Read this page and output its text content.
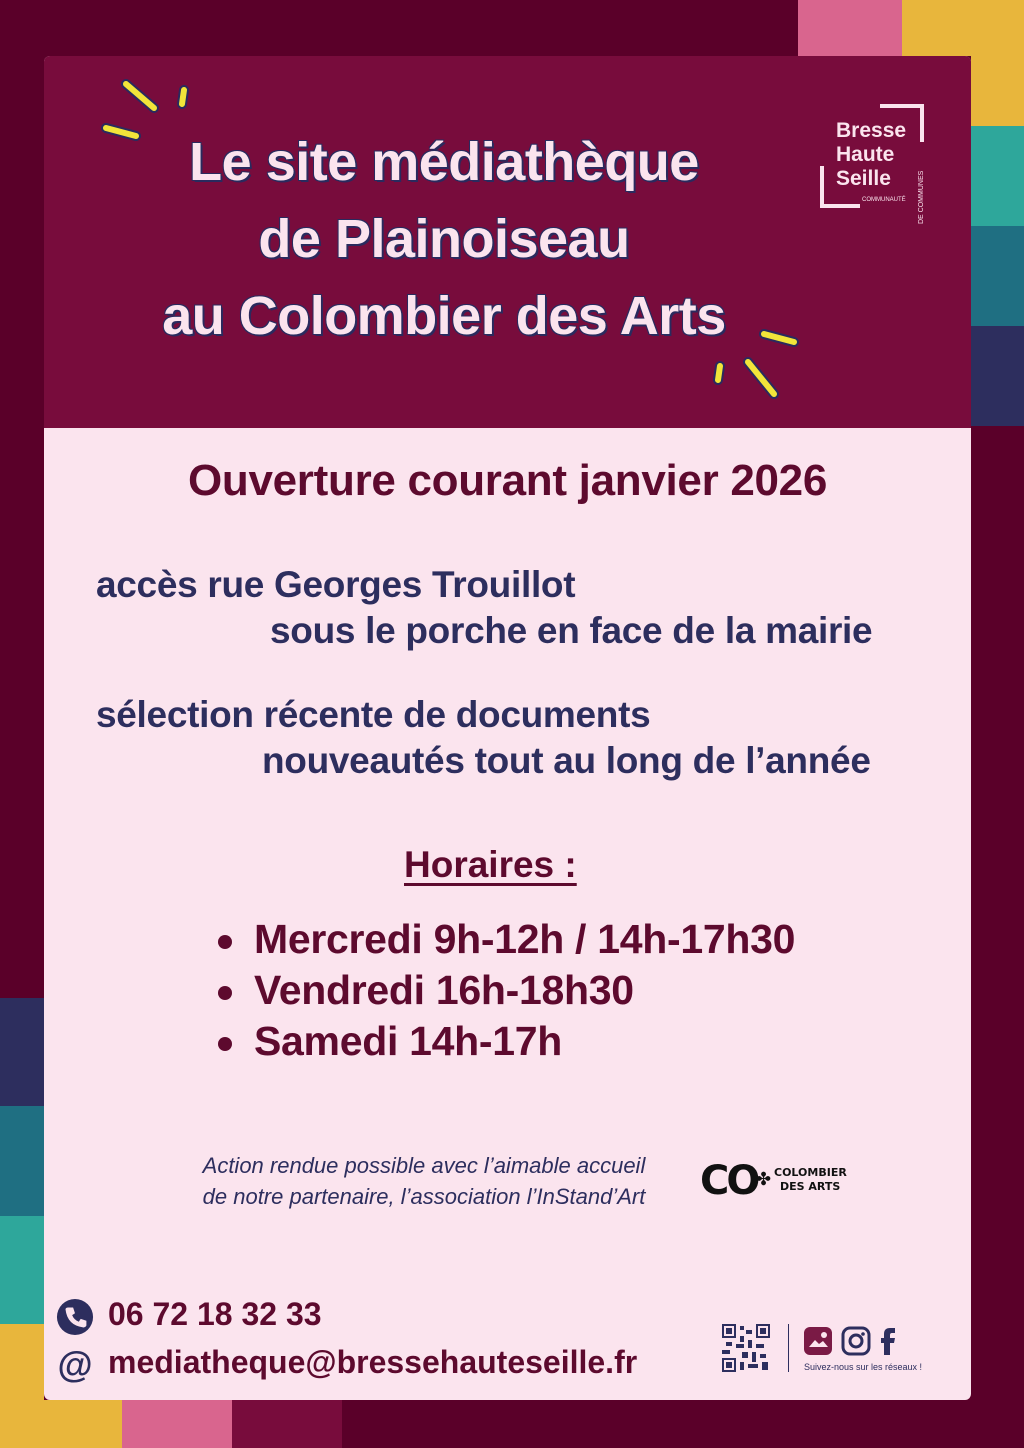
Le site médiathèque
de Plainoiseau
au Colombier des Arts
Bresse
Haute
Seille
COMMUNAUTÉ DE COMMUNES
Ouverture courant janvier 2026
accès rue Georges Trouillot
sous le porche en face de la mairie
sélection récente de documents
nouveautés tout au long de l’année
Horaires :
Mercredi 9h-12h / 14h-17h30
Vendredi 16h-18h30
Samedi 14h-17h
Action rendue possible avec l’aimable accueil
de notre partenaire, l’association l’InStand’Art	CO
✤ COLOMBIER
DES ARTS
06 72 18 32 33
@ mediatheque@bressehauteseille.fr	Suivez-nous sur les réseaux !
